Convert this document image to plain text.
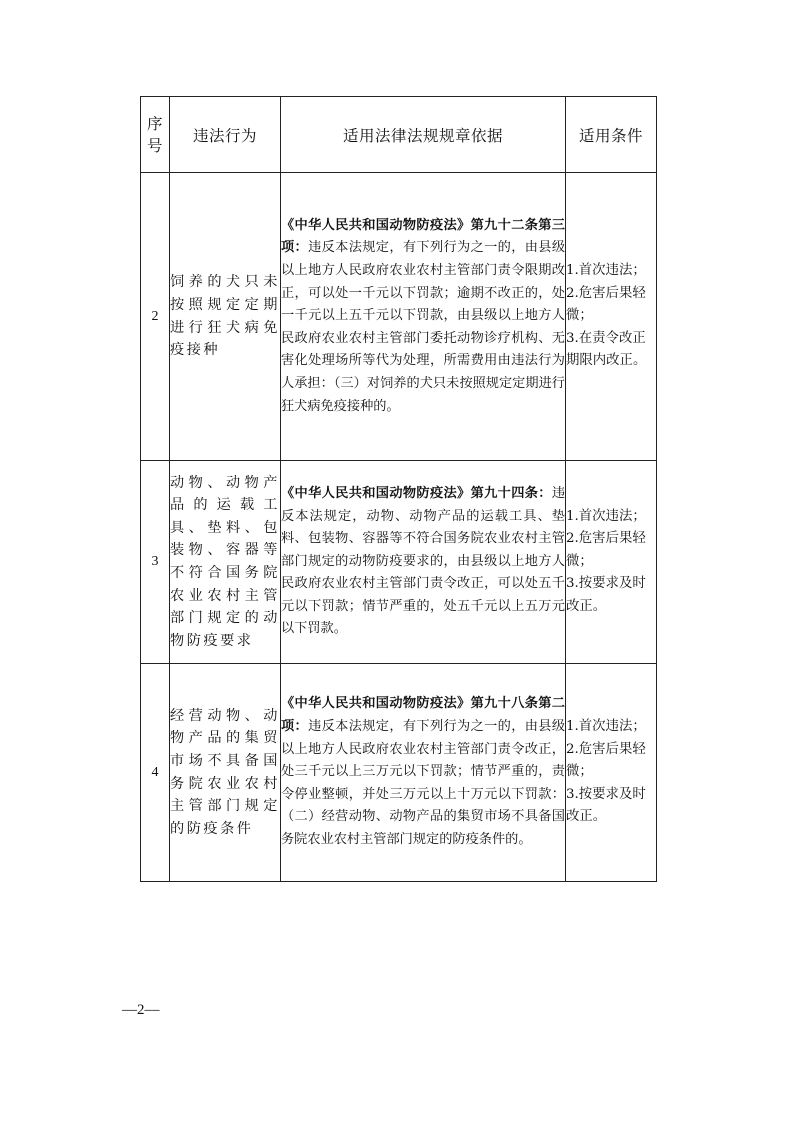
序号	违法行为	适用法律法规规章依据	适用条件
2	饲养的犬只未按照规定定期进行狂犬病免疫接种	《中华人民共和国动物防疫法》第九十二条第三项：违反本法规定，有下列行为之一的，由县级以上地方人民政府农业农村主管部门责令限期改正，可以处一千元以下罚款；逾期不改正的，处一千元以上五千元以下罚款，由县级以上地方人民政府农业农村主管部门委托动物诊疗机构、无害化处理场所等代为处理，所需费用由违法行为人承担：（三）对饲养的犬只未按照规定定期进行狂犬病免疫接种的。	1.首次违法；
2.危害后果轻微；
3.在责令改正期限内改正。

3	动物、动物产品的运载工具、垫料、包装物、容器等不符合国务院农业农村主管部门规定的动物防疫要求	《中华人民共和国动物防疫法》第九十四条：违反本法规定，动物、动物产品的运载工具、垫料、包装物、容器等不符合国务院农业农村主管部门规定的动物防疫要求的，由县级以上地方人民政府农业农村主管部门责令改正，可以处五千元以下罚款；情节严重的，处五千元以上五万元以下罚款。	1.首次违法；
2.危害后果轻微；
3.按要求及时改正。

4	经营动物、动物产品的集贸市场不具备国务院农业农村主管部门规定的防疫条件	《中华人民共和国动物防疫法》第九十八条第二项：违反本法规定，有下列行为之一的，由县级以上地方人民政府农业农村主管部门责令改正，处三千元以上三万元以下罚款；情节严重的，责令停业整顿，并处三万元以上十万元以下罚款：（二）经营动物、动物产品的集贸市场不具备国务院农业农村主管部门规定的防疫条件的。	1.首次违法；
2.危害后果轻微；
3.按要求及时改正。
—2—
